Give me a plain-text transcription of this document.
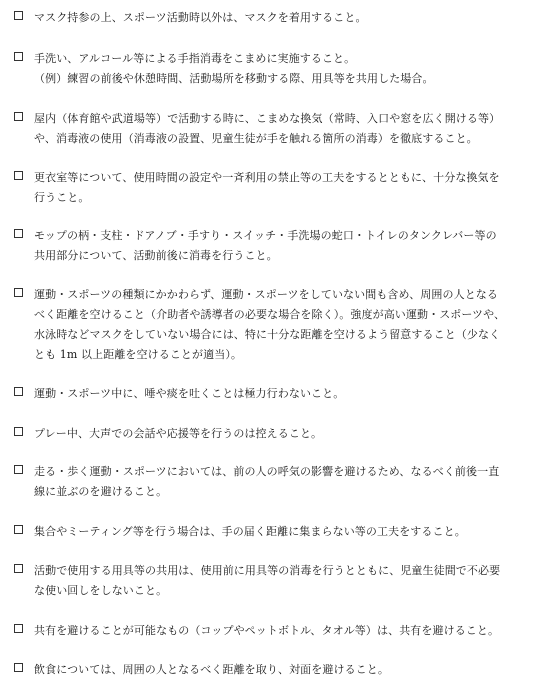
マスク持参の上、スポーツ活動時以外は、マスクを着用すること。
手洗い、アルコール等による手指消毒をこまめに実施すること。
（例）練習の前後や休憩時間、活動場所を移動する際、用具等を共用した場合。
屋内（体育館や武道場等）で活動する時に、こまめな換気（常時、入口や窓を広く開ける等）
や、消毒液の使用（消毒液の設置、児童生徒が手を触れる箇所の消毒）を徹底すること。
更衣室等について、使用時間の設定や一斉利用の禁止等の工夫をするとともに、十分な換気を
行うこと。
モップの柄・支柱・ドアノブ・手すり・スイッチ・手洗場の蛇口・トイレのタンクレバー等の
共用部分について、活動前後に消毒を行うこと。
運動・スポーツの種類にかかわらず、運動・スポーツをしていない間も含め、周囲の人となる
べく距離を空けること（介助者や誘導者の必要な場合を除く）。強度が高い運動・スポーツや、
水泳時などマスクをしていない場合には、特に十分な距離を空けるよう留意すること（少なく
とも 1m 以上距離を空けることが適当）。
運動・スポーツ中に、唾や痰を吐くことは極力行わないこと。
プレー中、大声での会話や応援等を行うのは控えること。
走る・歩く運動・スポーツにおいては、前の人の呼気の影響を避けるため、なるべく前後一直
線に並ぶのを避けること。
集合やミーティング等を行う場合は、手の届く距離に集まらない等の工夫をすること。
活動で使用する用具等の共用は、使用前に用具等の消毒を行うとともに、児童生徒間で不必要
な使い回しをしないこと。
共有を避けることが可能なもの（コップやペットボトル、タオル等）は、共有を避けること。
飲食については、周囲の人となるべく距離を取り、対面を避けること。
